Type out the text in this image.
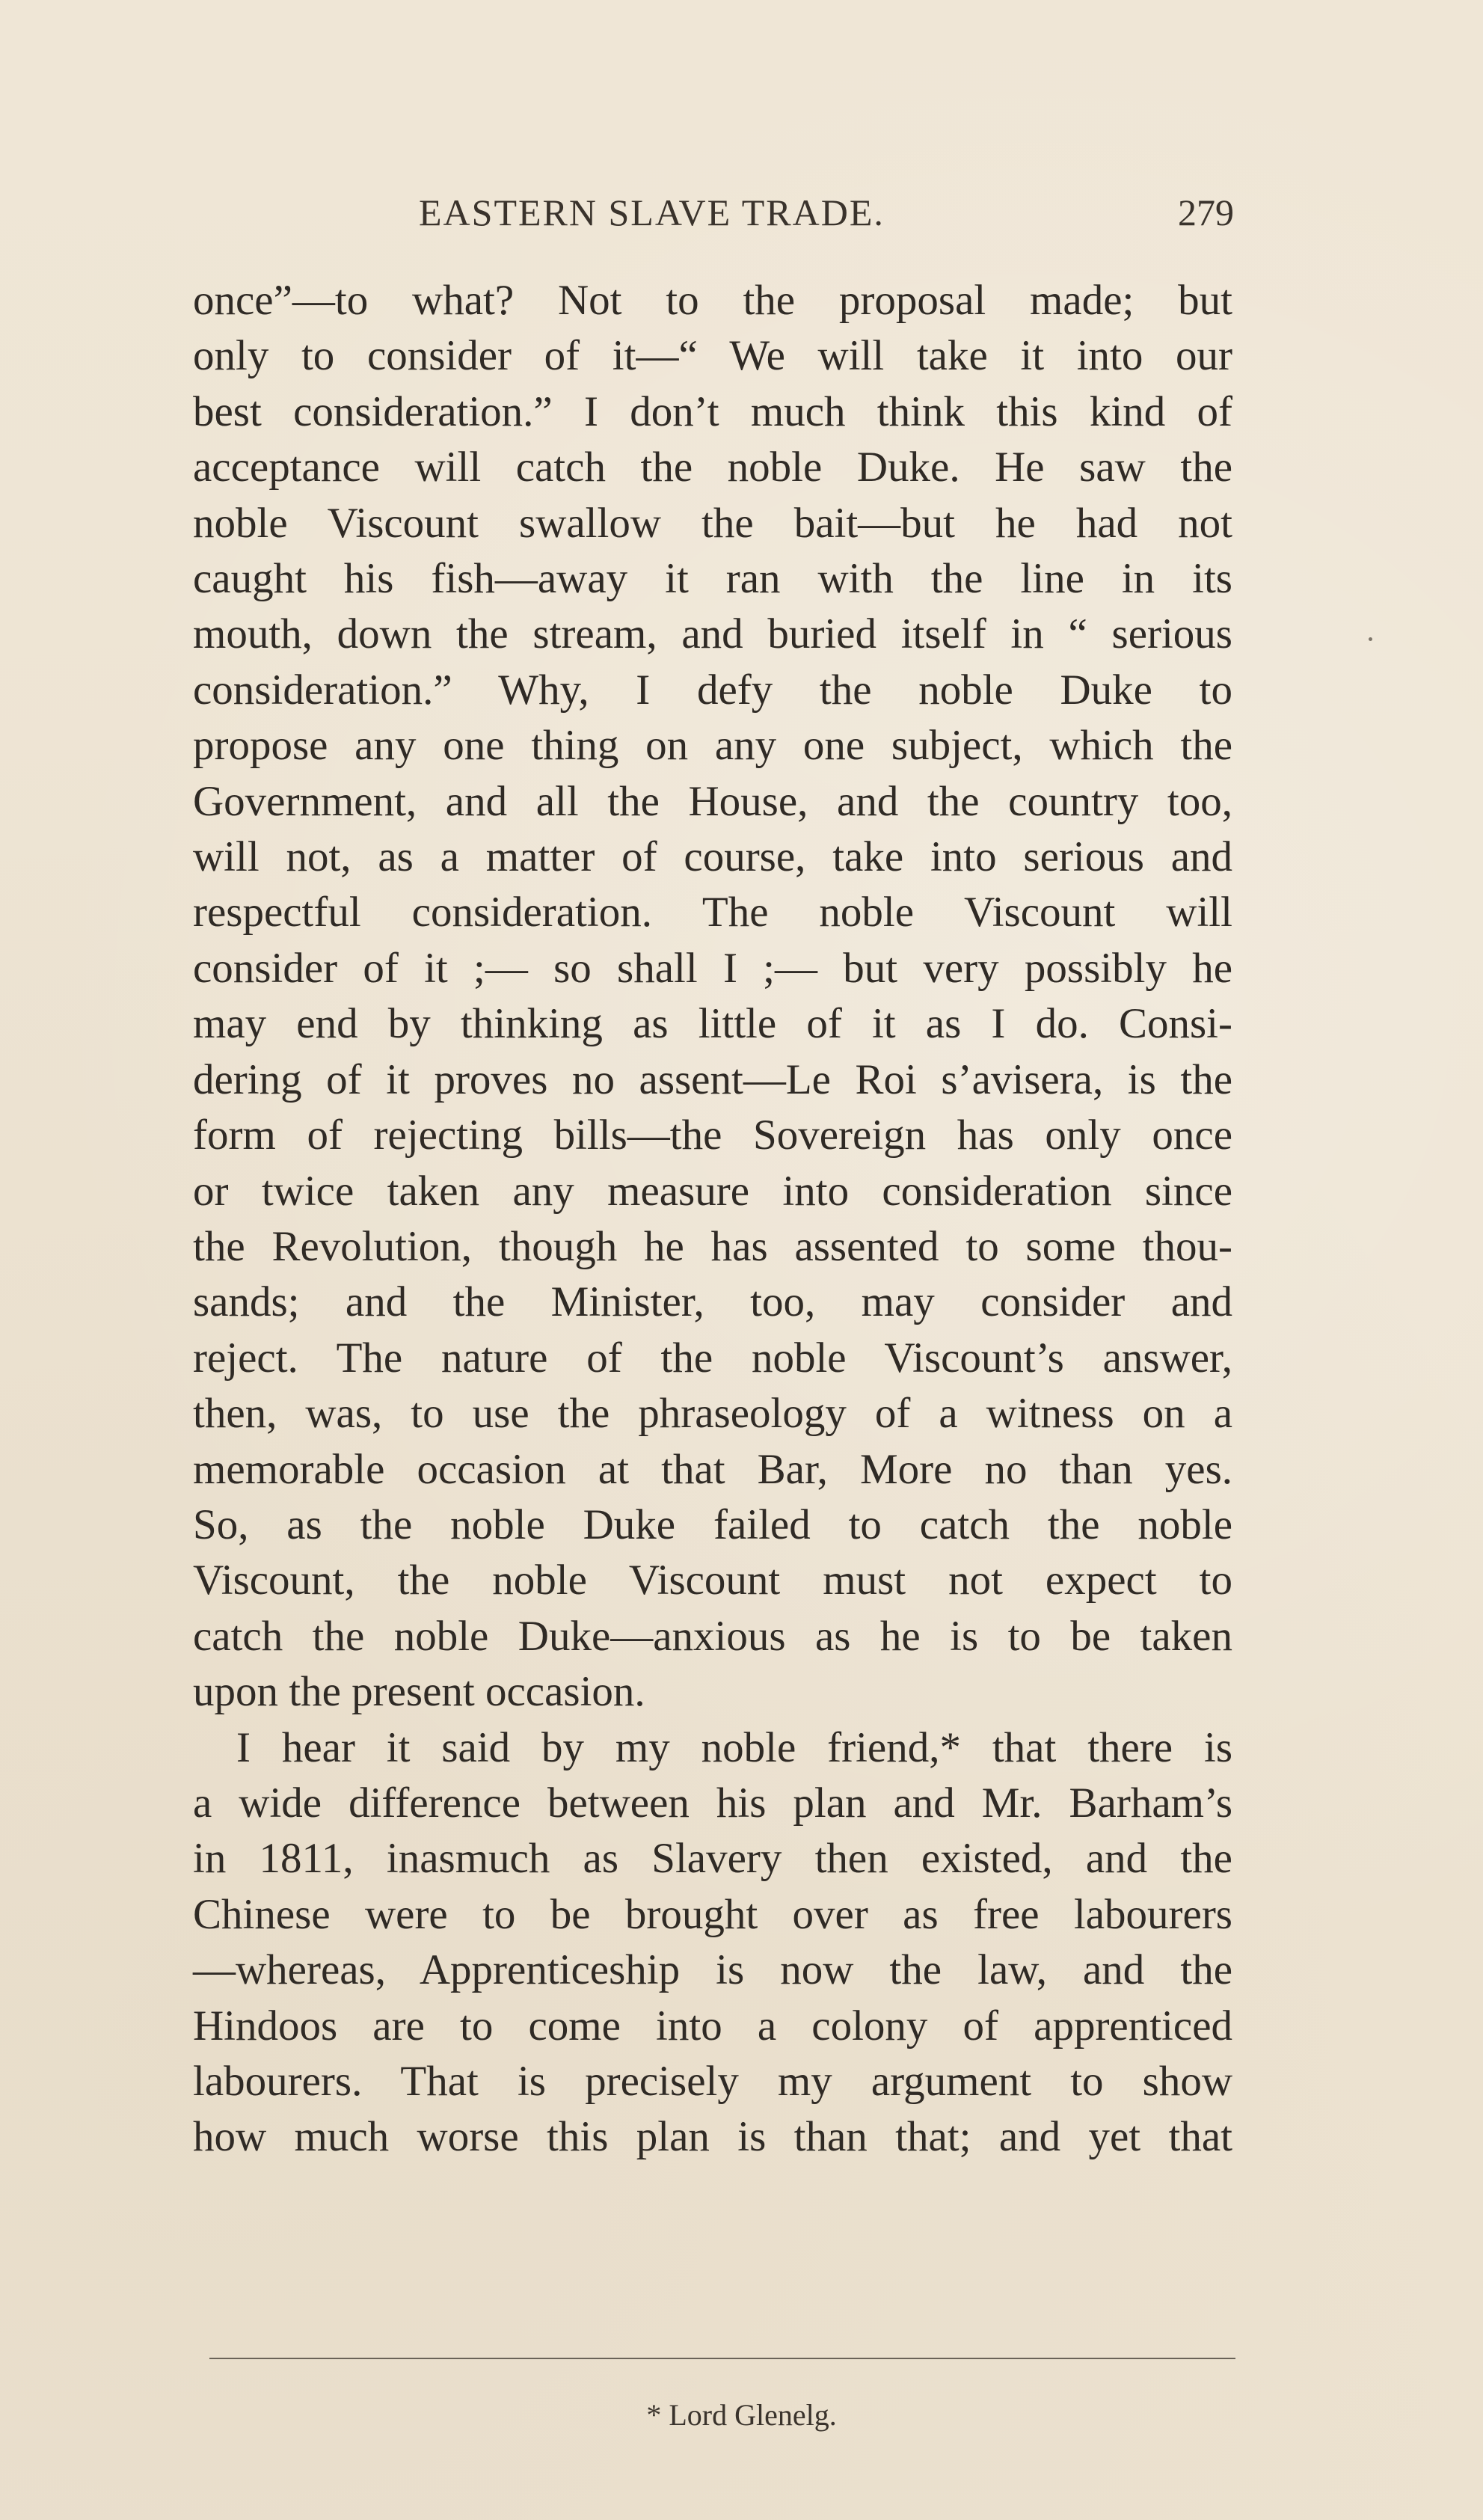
EASTERN SLAVE TRADE.	279
once”—to what? Not to the proposal made; but
only to consider of it—“ We will take it into our
best consideration.” I don’t much think this kind of
acceptance will catch the noble Duke. He saw the
noble Viscount swallow the bait—but he had not
caught his fish—away it ran with the line in its
mouth, down the stream, and buried itself in “ serious
consideration.” Why, I defy the noble Duke to
propose any one thing on any one subject, which the
Government, and all the House, and the country too,
will not, as a matter of course, take into serious and
respectful consideration. The noble Viscount will
consider of it ;— so shall I ;— but very possibly he
may end by thinking as little of it as I do. Consi-
dering of it proves no assent—Le Roi s’avisera, is the
form of rejecting bills—the Sovereign has only once
or twice taken any measure into consideration since
the Revolution, though he has assented to some thou-
sands; and the Minister, too, may consider and
reject. The nature of the noble Viscount’s answer,
then, was, to use the phraseology of a witness on a
memorable occasion at that Bar, More no than yes.
So, as the noble Duke failed to catch the noble
Viscount, the noble Viscount must not expect to
catch the noble Duke—anxious as he is to be taken
upon the present occasion.
I hear it said by my noble friend,* that there is
a wide difference between his plan and Mr. Barham’s
in 1811, inasmuch as Slavery then existed, and the
Chinese were to be brought over as free labourers
—whereas, Apprenticeship is now the law, and the
Hindoos are to come into a colony of apprenticed
labourers. That is precisely my argument to show
how much worse this plan is than that; and yet that
* Lord Glenelg.
